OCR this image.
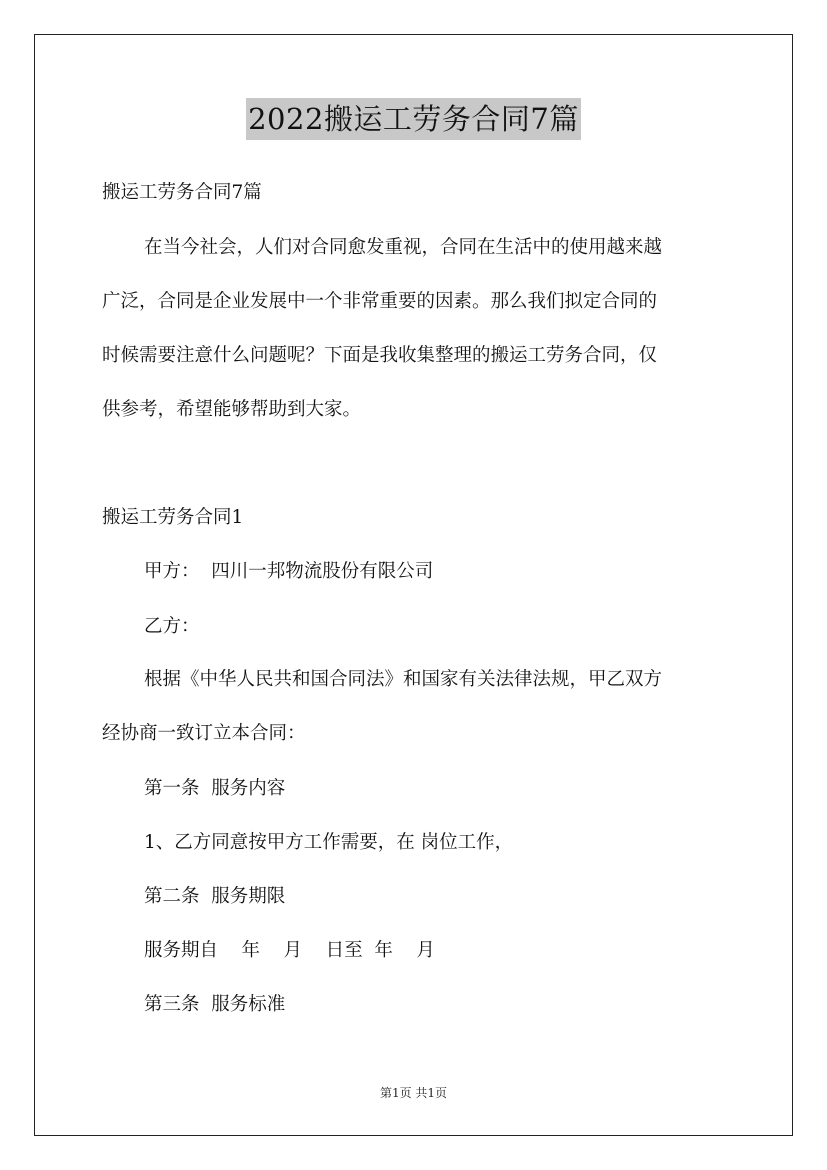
2022搬运工劳务合同7篇
搬运工劳务合同7篇
在当今社会，人们对合同愈发重视，合同在生活中的使用越来越
广泛，合同是企业发展中一个非常重要的因素。那么我们拟定合同的
时候需要注意什么问题呢？下面是我收集整理的搬运工劳务合同，仅
供参考，希望能够帮助到大家。
搬运工劳务合同1
甲方：  四川一邦物流股份有限公司
乙方：
根据《中华人民共和国合同法》和国家有关法律法规，甲乙双方
经协商一致订立本合同：
第一条  服务内容
1、乙方同意按甲方工作需要，在 岗位工作，
第二条  服务期限
服务期自    年    月    日至  年    月
第三条  服务标准
第1页 共1页
